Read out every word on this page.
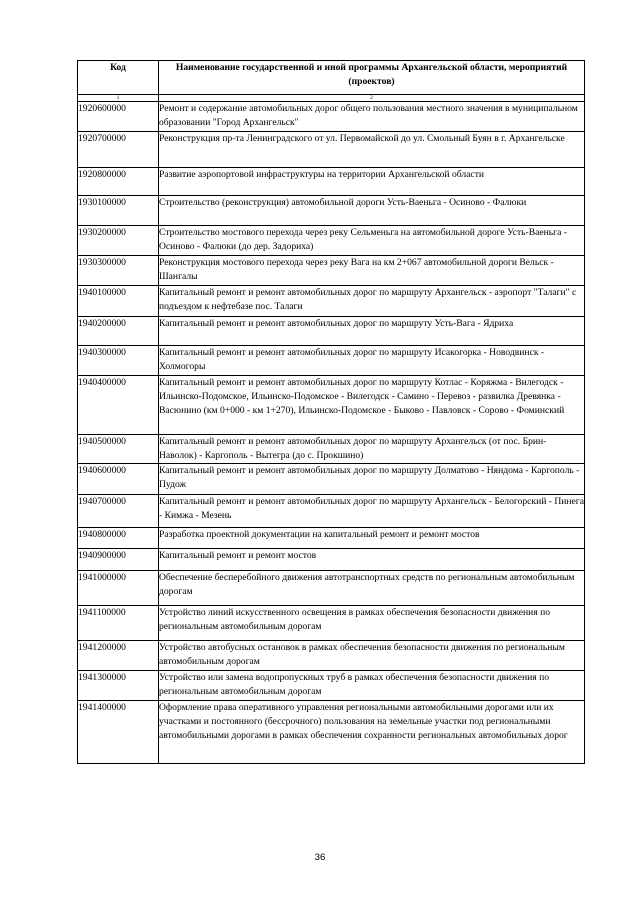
Код	Наименование государственной и иной программы Архангельской области, мероприятий (проектов)
1	2
1920600000	Ремонт и содержание автомобильных дорог общего пользования местного значения в муниципальном образовании "Город Архангельск"
1920700000	Реконструкция пр-та Ленинградского от ул. Первомайской до ул. Смольный Буян в г. Архангельске
1920800000	Развитие аэропортовой инфраструктуры на территории Архангельской области
1930100000	Строительство (реконструкция) автомобильной дороги Усть-Ваеньга - Осиново - Фалюки
1930200000	Строительство мостового перехода через реку Сельменьга на автомобильной дороге Усть-Ваеньга - Осиново - Фалюки (до дер. Задориха)
1930300000	Реконструкция мостового перехода через реку Вага на км 2+067 автомобильной дороги Вельск - Шангалы
1940100000	Капитальный ремонт и ремонт автомобильных дорог по маршруту Архангельск - аэропорт "Талаги" с подъездом к нефтебазе пос. Талаги
1940200000	Капитальный ремонт и ремонт автомобильных дорог по маршруту Усть-Вага - Ядриха
1940300000	Капитальный ремонт и ремонт автомобильных дорог по маршруту Исакогорка - Новодвинск - Холмогоры
1940400000	Капитальный ремонт и ремонт автомобильных дорог по маршруту Котлас - Коряжма - Вилегодск - Ильинско-Подомское, Ильинско-Подомское - Вилегодск - Самино - Перевоз - развилка Древянка - Васюнино (км 0+000 - км 1+270), Ильинско-Подомское - Быково - Павловск - Сорово - Фоминский
1940500000	Капитальный ремонт и ремонт автомобильных дорог по маршруту Архангельск (от пос. Брин-Наволок) - Каргополь - Вытегра (до с. Прокшино)
1940600000	Капитальный ремонт и ремонт автомобильных дорог по маршруту Долматово - Няндома - Каргополь - Пудож
1940700000	Капитальный ремонт и ремонт автомобильных дорог по маршруту Архангельск - Белогорский - Пинега - Кимжа - Мезень
1940800000	Разработка проектной документации на капитальный ремонт и ремонт мостов
1940900000	Капитальный ремонт и ремонт мостов
1941000000	Обеспечение бесперебойного движения автотранспортных средств по региональным автомобильным дорогам
1941100000	Устройство линий искусственного освещения в рамках обеспечения безопасности движения по региональным автомобильным дорогам
1941200000	Устройство автобусных остановок в рамках обеспечения безопасности движения по региональным автомобильным дорогам
1941300000	Устройство или замена водопропускных труб в рамках обеспечения безопасности движения по региональным автомобильным дорогам
1941400000	Оформление права оперативного управления региональными автомобильными дорогами или их участками и постоянного (бессрочного) пользования на земельные участки под региональными автомобильными дорогами в рамках обеспечения сохранности региональных автомобильных дорог
36
